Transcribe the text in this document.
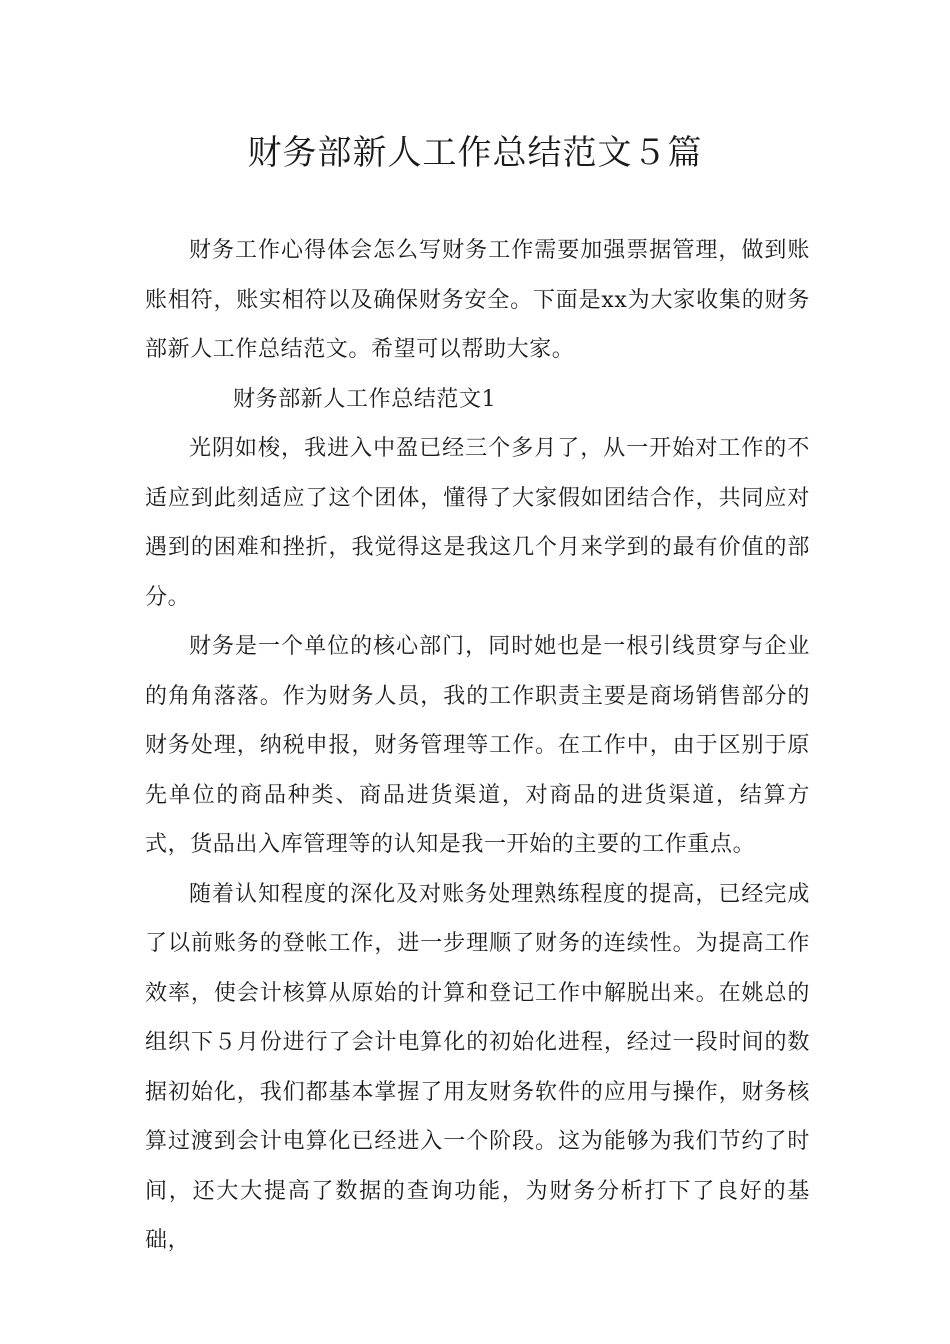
财务部新人工作总结范文５篇

财务工作心得体会怎么写财务工作需要加强票据管理，做到账账相符，账实相符以及确保财务安全。下面是xx为大家收集的财务部新人工作总结范文。希望可以帮助大家。

财务部新人工作总结范文1

光阴如梭，我进入中盈已经三个多月了，从一开始对工作的不适应到此刻适应了这个团体，懂得了大家假如团结合作，共同应对遇到的困难和挫折，我觉得这是我这几个月来学到的最有价值的部分。

财务是一个单位的核心部门，同时她也是一根引线贯穿与企业的角角落落。作为财务人员，我的工作职责主要是商场销售部分的财务处理，纳税申报，财务管理等工作。在工作中，由于区别于原先单位的商品种类、商品进货渠道，对商品的进货渠道，结算方式，货品出入库管理等的认知是我一开始的主要的工作重点。

随着认知程度的深化及对账务处理熟练程度的提高，已经完成了以前账务的登帐工作，进一步理顺了财务的连续性。为提高工作效率，使会计核算从原始的计算和登记工作中解脱出来。在姚总的组织下５月份进行了会计电算化的初始化进程，经过一段时间的数据初始化，我们都基本掌握了用友财务软件的应用与操作，财务核算过渡到会计电算化已经进入一个阶段。这为能够为我们节约了时间，还大大提高了数据的查询功能，为财务分析打下了良好的基础，
